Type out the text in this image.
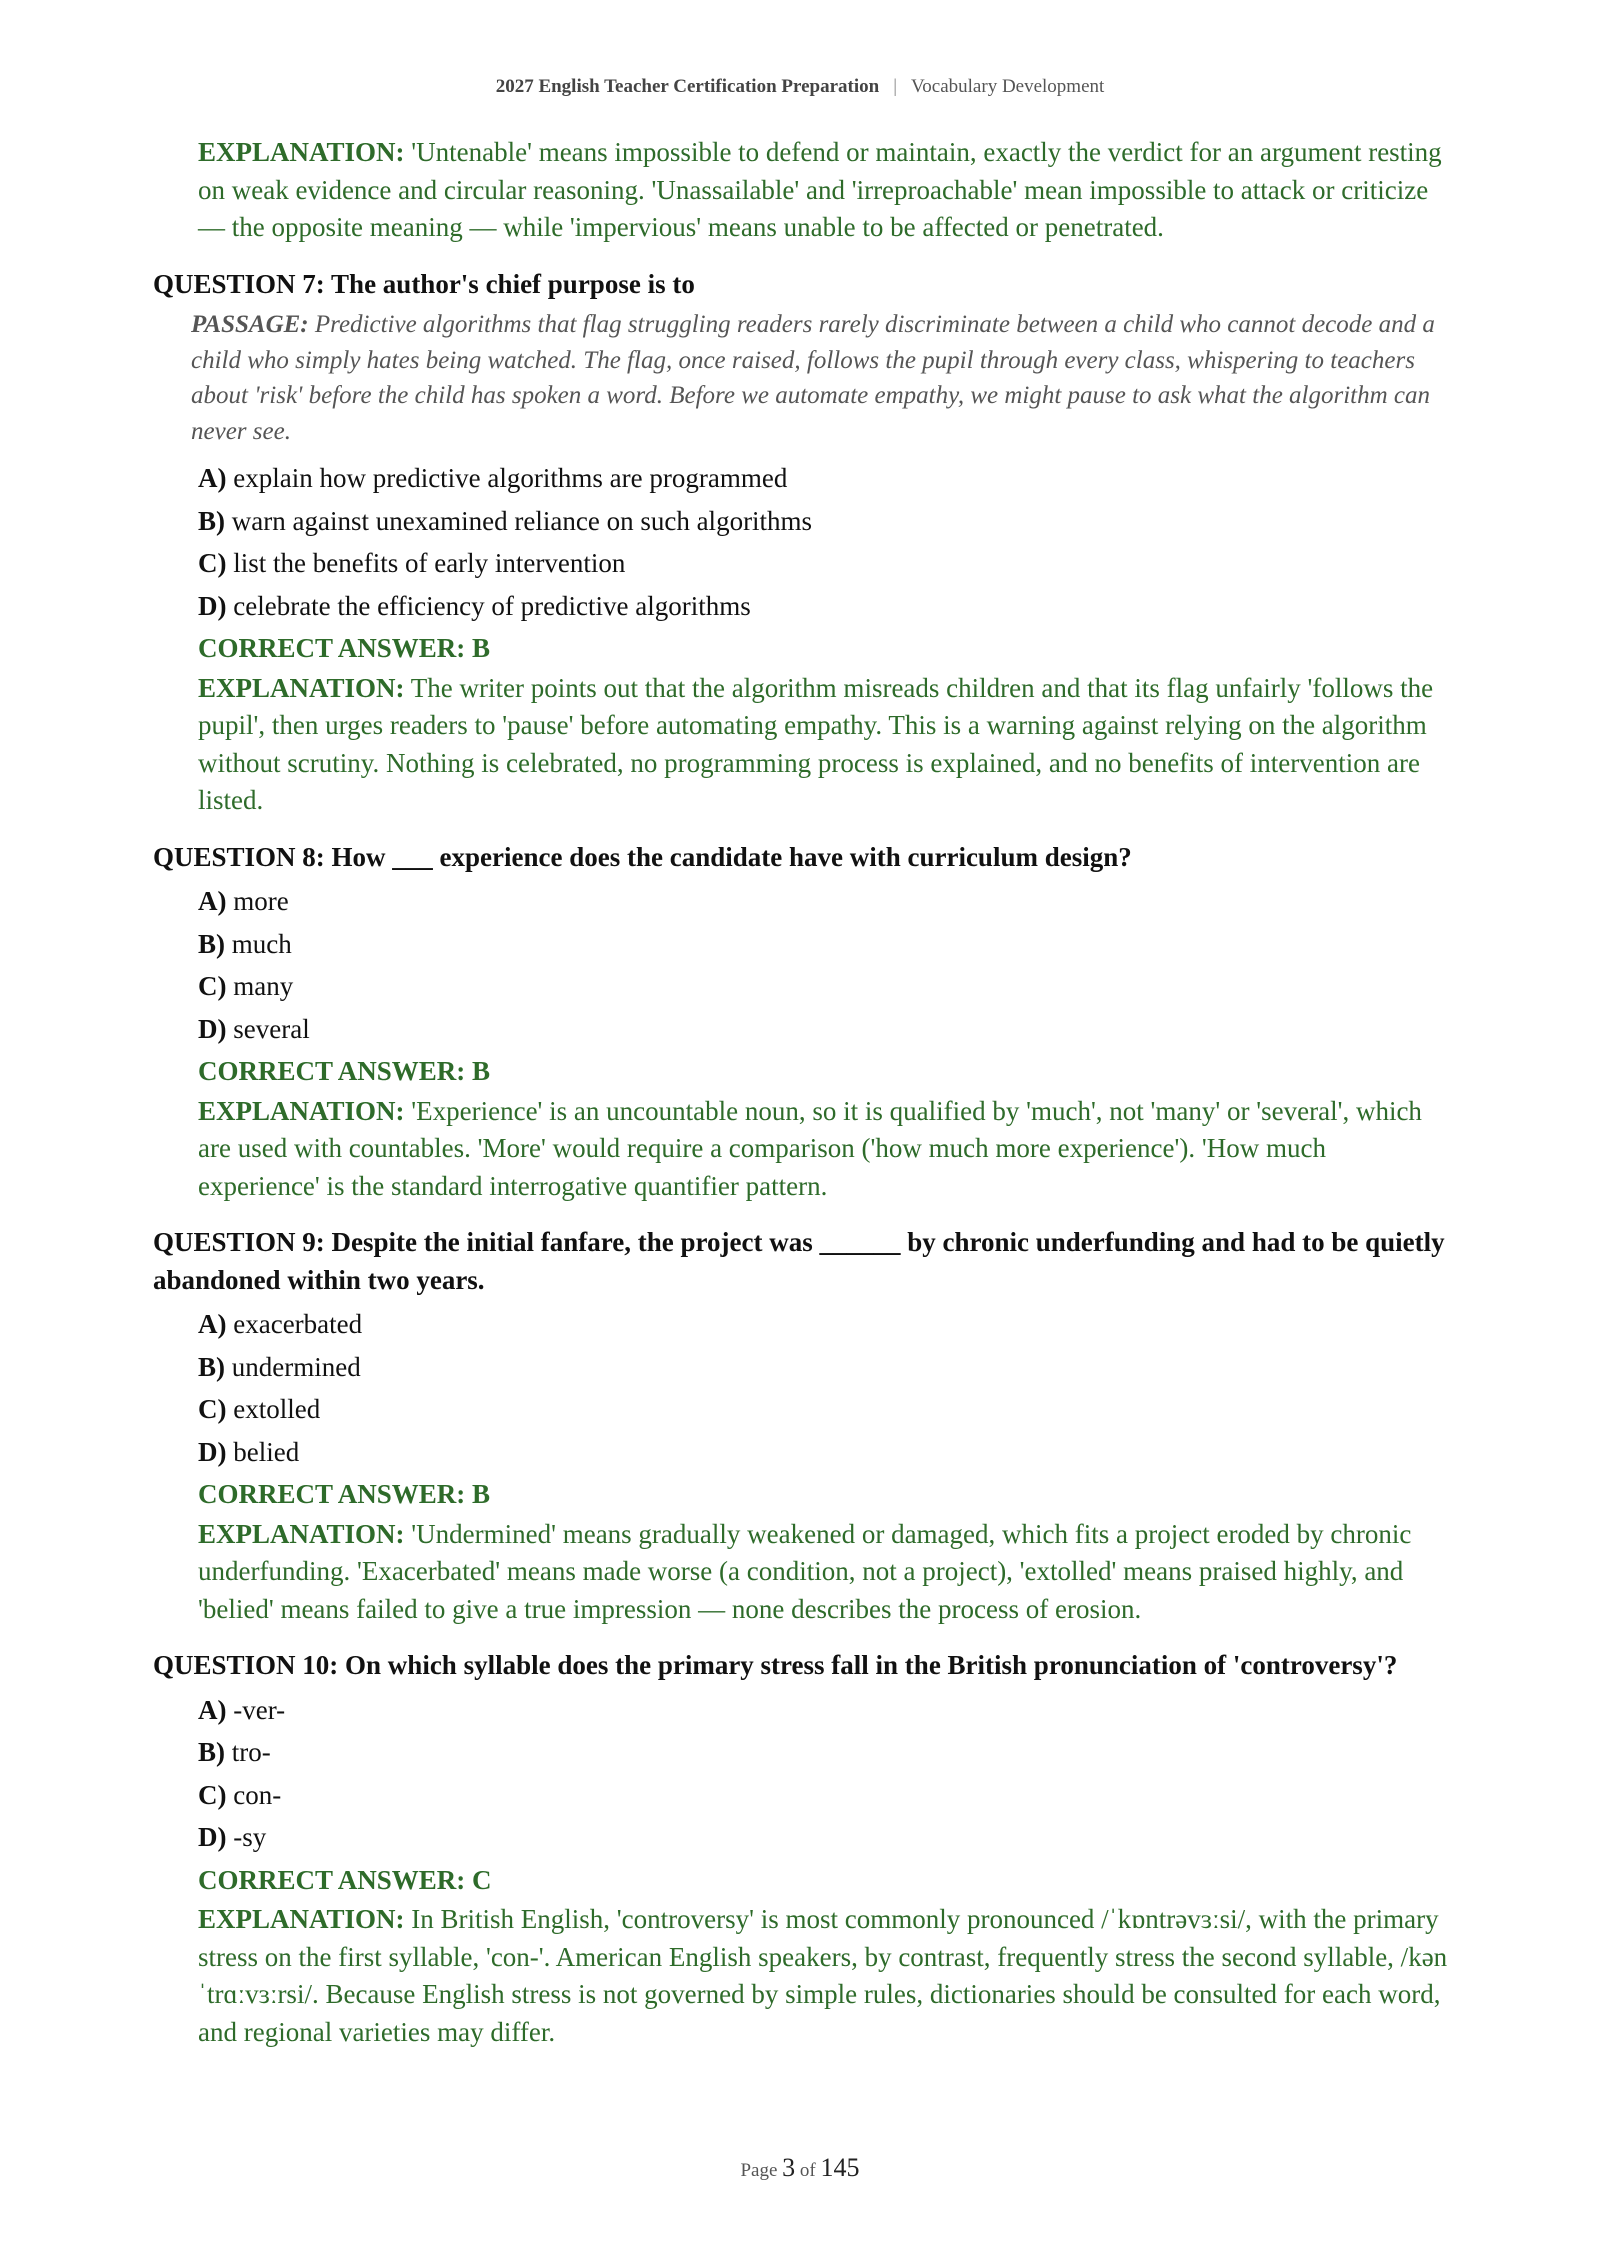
2027 English Teacher Certification Preparation | Vocabulary Development
EXPLANATION: 'Untenable' means impossible to defend or maintain, exactly the verdict for an argument resting on weak evidence and circular reasoning. 'Unassailable' and 'irreproachable' mean impossible to attack or criticize — the opposite meaning — while 'impervious' means unable to be affected or penetrated.
QUESTION 7: The author's chief purpose is to
PASSAGE: Predictive algorithms that flag struggling readers rarely discriminate between a child who cannot decode and a child who simply hates being watched. The flag, once raised, follows the pupil through every class, whispering to teachers about 'risk' before the child has spoken a word. Before we automate empathy, we might pause to ask what the algorithm can never see.
A) explain how predictive algorithms are programmed
B) warn against unexamined reliance on such algorithms
C) list the benefits of early intervention
D) celebrate the efficiency of predictive algorithms
CORRECT ANSWER: B
EXPLANATION: The writer points out that the algorithm misreads children and that its flag unfairly 'follows the pupil', then urges readers to 'pause' before automating empathy. This is a warning against relying on the algorithm without scrutiny. Nothing is celebrated, no programming process is explained, and no benefits of intervention are listed.
QUESTION 8: How ___ experience does the candidate have with curriculum design?
A) more
B) much
C) many
D) several
CORRECT ANSWER: B
EXPLANATION: 'Experience' is an uncountable noun, so it is qualified by 'much', not 'many' or 'several', which are used with countables. 'More' would require a comparison ('how much more experience'). 'How much experience' is the standard interrogative quantifier pattern.
QUESTION 9: Despite the initial fanfare, the project was ______ by chronic underfunding and had to be quietly abandoned within two years.
A) exacerbated
B) undermined
C) extolled
D) belied
CORRECT ANSWER: B
EXPLANATION: 'Undermined' means gradually weakened or damaged, which fits a project eroded by chronic underfunding. 'Exacerbated' means made worse (a condition, not a project), 'extolled' means praised highly, and 'belied' means failed to give a true impression — none describes the process of erosion.
QUESTION 10: On which syllable does the primary stress fall in the British pronunciation of 'controversy'?
A) -ver-
B) tro-
C) con-
D) -sy
CORRECT ANSWER: C
EXPLANATION: In British English, 'controversy' is most commonly pronounced /ˈkɒntrəvɜːsi/, with the primary stress on the first syllable, 'con-'. American English speakers, by contrast, frequently stress the second syllable, /kənˈtrɑːvɜːrsi/. Because English stress is not governed by simple rules, dictionaries should be consulted for each word, and regional varieties may differ.
Page 3 of 145
